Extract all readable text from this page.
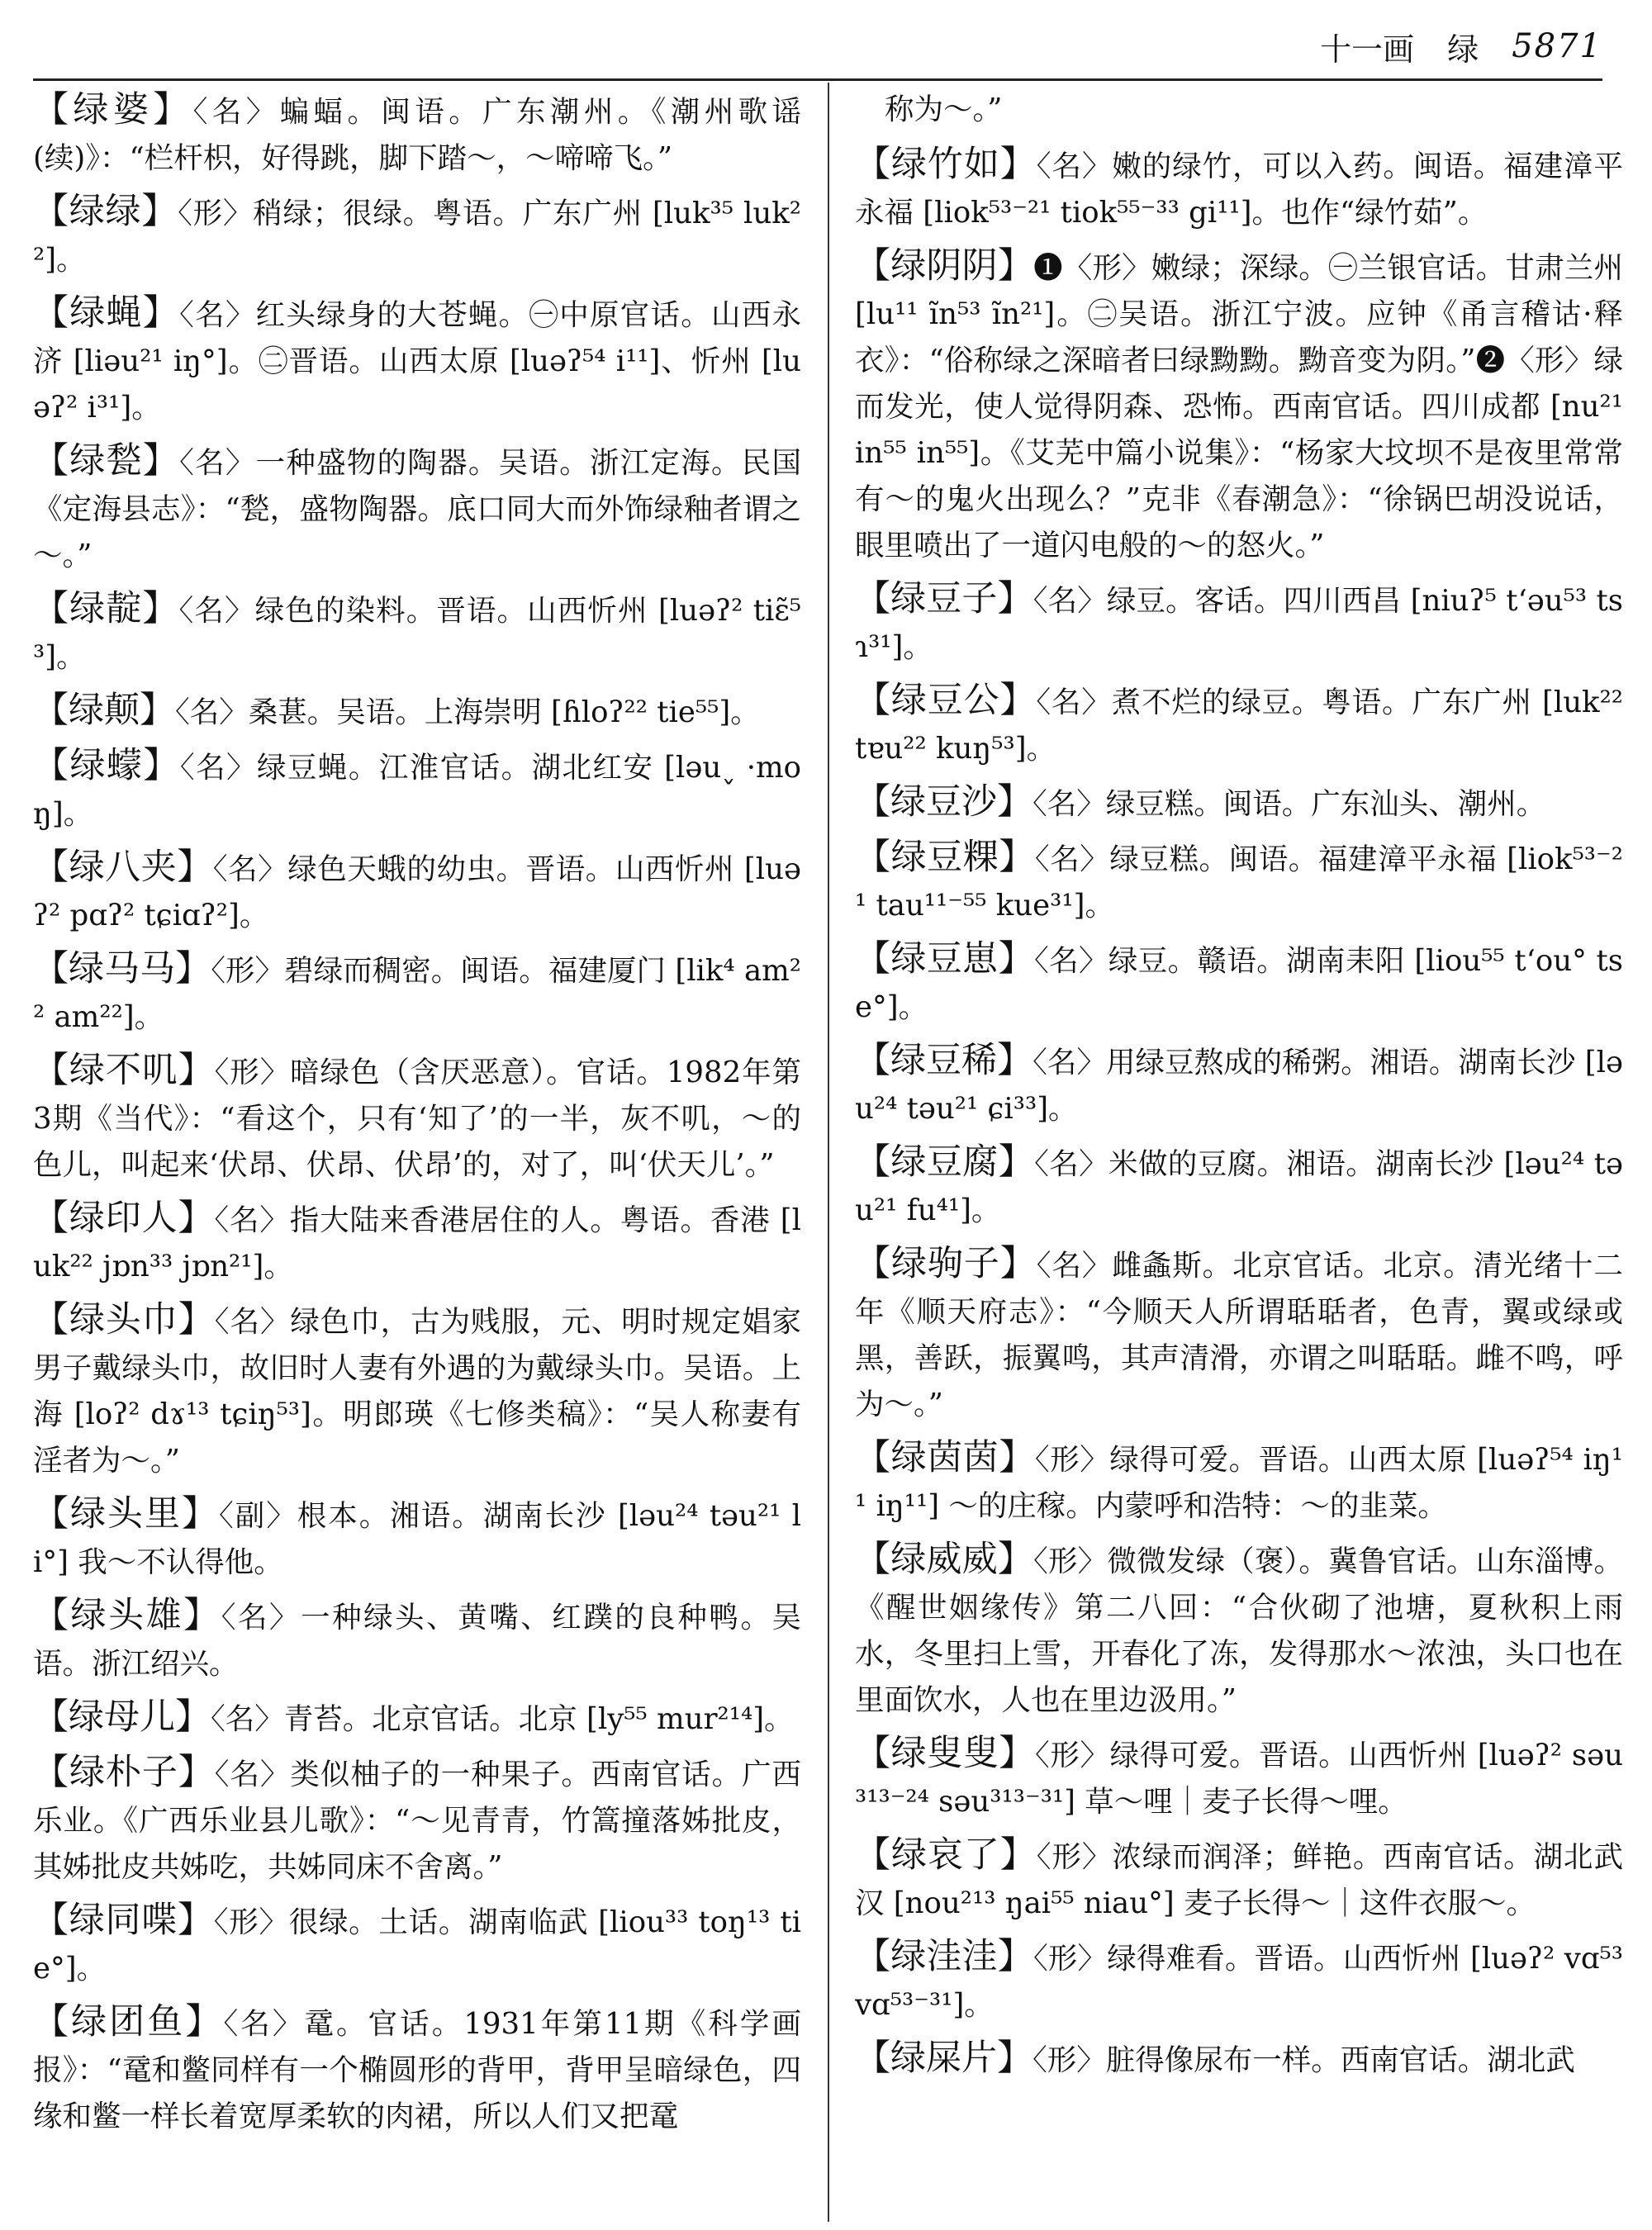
十一画 绿 5871
【绿婆】〈名〉蝙蝠。闽语。广东潮州。《潮州歌谣(续)》：“栏杆枳，好得跳，脚下踏～，～啼啼飞。”
【绿绿】〈形〉稍绿；很绿。粤语。广东广州 [luk³⁵ luk²²]。
【绿蝇】〈名〉红头绿身的大苍蝇。㊀中原官话。山西永济 [liəu²¹ iŋ°]。㊁晋语。山西太原 [luəʔ⁵⁴ i¹¹]、忻州 [luəʔ² i³¹]。
【绿甃】〈名〉一种盛物的陶器。吴语。浙江定海。民国《定海县志》：“甃，盛物陶器。底口同大而外饰绿釉者谓之～。”
【绿靛】〈名〉绿色的染料。晋语。山西忻州 [luəʔ² tiɛ̃⁵³]。
【绿颠】〈名〉桑葚。吴语。上海崇明 [ɦloʔ²² tie⁵⁵]。
【绿蠓】〈名〉绿豆蝇。江淮官话。湖北红安 [ləu˯ ·moŋ]。
【绿八夹】〈名〉绿色天蛾的幼虫。晋语。山西忻州 [luəʔ² pɑʔ² tɕiɑʔ²]。
【绿马马】〈形〉碧绿而稠密。闽语。福建厦门 [lik⁴ am²² am²²]。
【绿不叽】〈形〉暗绿色（含厌恶意）。官话。1982年第3期《当代》：“看这个，只有‘知了’的一半，灰不叽，～的色儿，叫起来‘伏昂、伏昂、伏昂’的，对了，叫‘伏天儿’。”
【绿印人】〈名〉指大陆来香港居住的人。粤语。香港 [luk²² jɒn³³ jɒn²¹]。
【绿头巾】〈名〉绿色巾，古为贱服，元、明时规定娼家男子戴绿头巾，故旧时人妻有外遇的为戴绿头巾。吴语。上海 [loʔ² dɤ¹³ tɕiŋ⁵³]。明郎瑛《七修类稿》：“吴人称妻有淫者为～。”
【绿头里】〈副〉根本。湘语。湖南长沙 [ləu²⁴ təu²¹ li°] 我～不认得他。
【绿头雄】〈名〉一种绿头、黄嘴、红蹼的良种鸭。吴语。浙江绍兴。
【绿母儿】〈名〉青苔。北京官话。北京 [ly⁵⁵ mur²¹⁴]。
【绿朴子】〈名〉类似柚子的一种果子。西南官话。广西乐业。《广西乐业县儿歌》：“～见青青，竹篙撞落姊批皮，其姊批皮共姊吃，共姊同床不舍离。”
【绿同喋】〈形〉很绿。土话。湖南临武 [liou³³ toŋ¹³ tie°]。
【绿团鱼】〈名〉鼋。官话。1931年第11期《科学画报》：“鼋和鳖同样有一个椭圆形的背甲，背甲呈暗绿色，四缘和鳖一样长着宽厚柔软的肉裙，所以人们又把鼋
称为～。”
【绿竹如】〈名〉嫩的绿竹，可以入药。闽语。福建漳平永福 [liok⁵³⁻²¹ tiok⁵⁵⁻³³ gi¹¹]。也作“绿竹茹”。
【绿阴阴】❶〈形〉嫩绿；深绿。㊀兰银官话。甘肃兰州 [lu¹¹ ĩn⁵³ ĩn²¹]。㊁吴语。浙江宁波。应钟《甬言稽诂·释衣》：“俗称绿之深暗者曰绿黝黝。黝音变为阴。”❷〈形〉绿而发光，使人觉得阴森、恐怖。西南官话。四川成都 [nu²¹ in⁵⁵ in⁵⁵]。《艾芜中篇小说集》：“杨家大坟坝不是夜里常常有～的鬼火出现么？”克非《春潮急》：“徐锅巴胡没说话，眼里喷出了一道闪电般的～的怒火。”
【绿豆子】〈名〉绿豆。客话。四川西昌 [niuʔ⁵ tʻəu⁵³ tsɿ³¹]。
【绿豆公】〈名〉煮不烂的绿豆。粤语。广东广州 [luk²² tɐu²² kuŋ⁵³]。
【绿豆沙】〈名〉绿豆糕。闽语。广东汕头、潮州。
【绿豆粿】〈名〉绿豆糕。闽语。福建漳平永福 [liok⁵³⁻²¹ tau¹¹⁻⁵⁵ kue³¹]。
【绿豆崽】〈名〉绿豆。赣语。湖南耒阳 [liou⁵⁵ tʻou° tse°]。
【绿豆稀】〈名〉用绿豆熬成的稀粥。湘语。湖南长沙 [ləu²⁴ təu²¹ ɕi³³]。
【绿豆腐】〈名〉米做的豆腐。湘语。湖南长沙 [ləu²⁴ təu²¹ fu⁴¹]。
【绿驹子】〈名〉雌螽斯。北京官话。北京。清光绪十二年《顺天府志》：“今顺天人所谓聒聒者，色青，翼或绿或黑，善跃，振翼鸣，其声清滑，亦谓之叫聒聒。雌不鸣，呼为～。”
【绿茵茵】〈形〉绿得可爱。晋语。山西太原 [luəʔ⁵⁴ iŋ¹¹ iŋ¹¹] ～的庄稼。内蒙呼和浩特：～的韭菜。
【绿威威】〈形〉微微发绿（褒）。冀鲁官话。山东淄博。《醒世姻缘传》第二八回：“合伙砌了池塘，夏秋积上雨水，冬里扫上雪，开春化了冻，发得那水～浓浊，头口也在里面饮水，人也在里边汲用。”
【绿叟叟】〈形〉绿得可爱。晋语。山西忻州 [luəʔ² səu³¹³⁻²⁴ səu³¹³⁻³¹] 草～哩｜麦子长得～哩。
【绿哀了】〈形〉浓绿而润泽；鲜艳。西南官话。湖北武汉 [nou²¹³ ŋai⁵⁵ niau°] 麦子长得～｜这件衣服～。
【绿洼洼】〈形〉绿得难看。晋语。山西忻州 [luəʔ² vɑ⁵³ vɑ⁵³⁻³¹]。
【绿屎片】〈形〉脏得像尿布一样。西南官话。湖北武
